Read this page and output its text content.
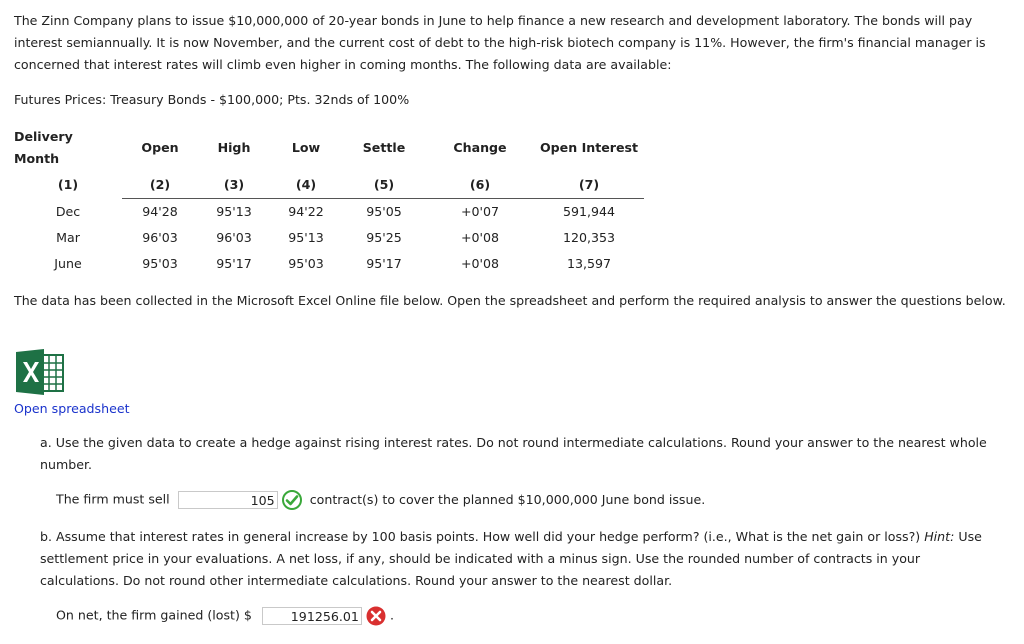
The Zinn Company plans to issue $10,000,000 of 20-year bonds in June to help finance a new research and development laboratory. The bonds will pay interest semiannually. It is now November, and the current cost of debt to the high-risk biotech company is 11%. However, the firm's financial manager is concerned that interest rates will climb even higher in coming months. The following data are available:

Futures Prices: Treasury Bonds - $100,000; Pts. 32nds of 100%

Delivery
Month	Open	High	Low	Settle	Change	Open Interest
(1)	(2)	(3)	(4)	(5)	(6)	(7)
Dec	94'28	95'13	94'22	95'05	+0'07	591,944
Mar	96'03	96'03	95'13	95'25	+0'08	120,353
June	95'03	95'17	95'03	95'17	+0'08	13,597

The data has been collected in the Microsoft Excel Online file below. Open the spreadsheet and perform the required analysis to answer the questions below.

Open spreadsheet

a. Use the given data to create a hedge against rising interest rates. Do not round intermediate calculations. Round your answer to the nearest whole number.

The firm must sell	105	contract(s) to cover the planned $10,000,000 June bond issue.

b. Assume that interest rates in general increase by 100 basis points. How well did your hedge perform? (i.e., What is the net gain or loss?) Hint: Use settlement price in your evaluations. A net loss, if any, should be indicated with a minus sign. Use the rounded number of contracts in your calculations. Do not round other intermediate calculations. Round your answer to the nearest dollar.

On net, the firm gained (lost) $	191256.01 .
